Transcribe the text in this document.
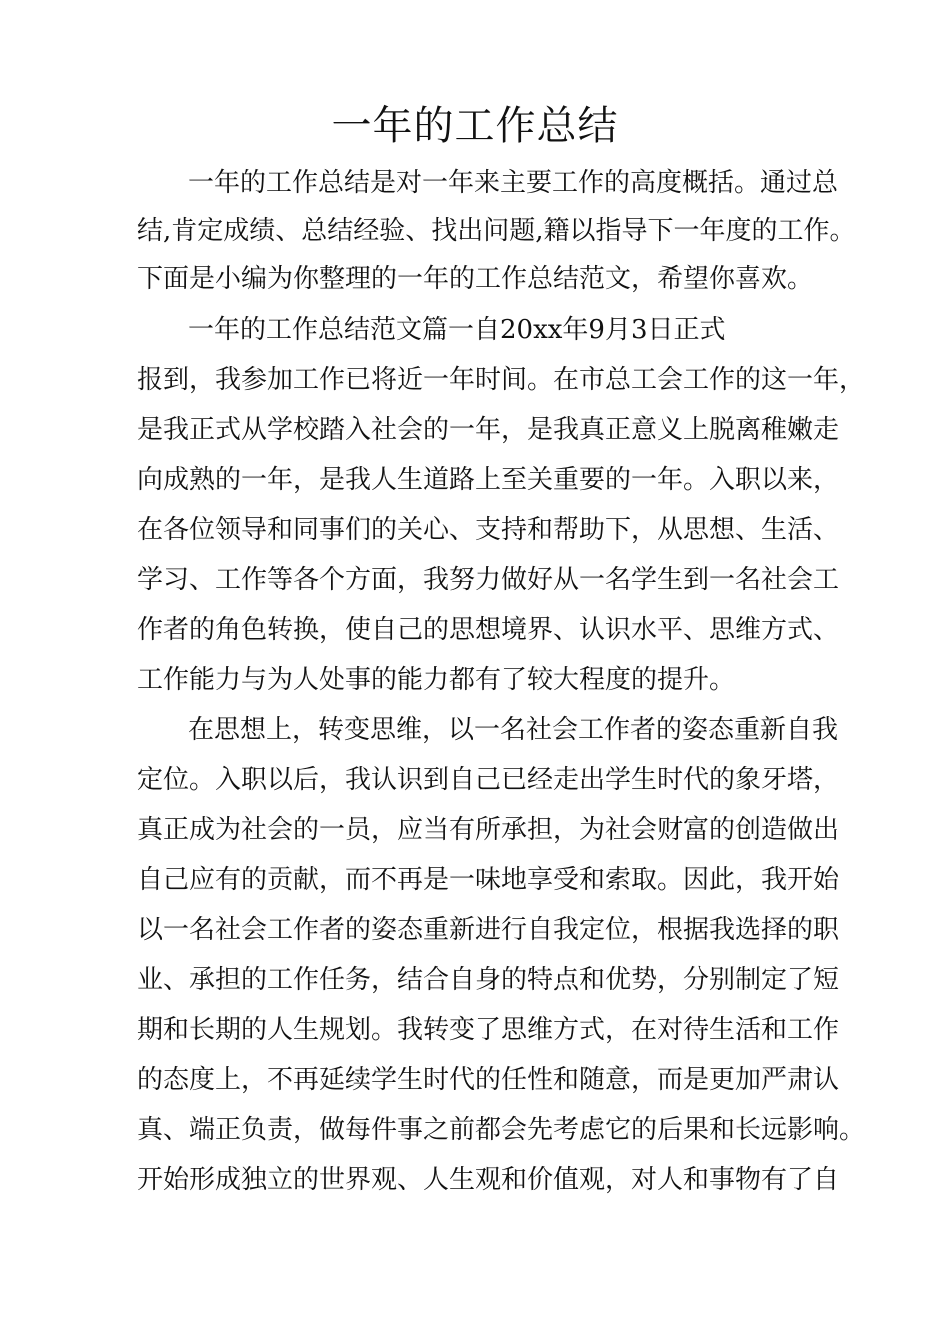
一年的工作总结
一年的工作总结是对一年来主要工作的高度概括。通过总
结,肯定成绩、总结经验、找出问题,籍以指导下一年度的工作。
下面是小编为你整理的一年的工作总结范文，希望你喜欢。
一年的工作总结范文篇一自20xx年9月3日正式
报到，我参加工作已将近一年时间。在市总工会工作的这一年，
是我正式从学校踏入社会的一年，是我真正意义上脱离稚嫩走
向成熟的一年，是我人生道路上至关重要的一年。入职以来，
在各位领导和同事们的关心、支持和帮助下，从思想、生活、
学习、工作等各个方面，我努力做好从一名学生到一名社会工
作者的角色转换，使自己的思想境界、认识水平、思维方式、
工作能力与为人处事的能力都有了较大程度的提升。
在思想上，转变思维，以一名社会工作者的姿态重新自我
定位。入职以后，我认识到自己已经走出学生时代的象牙塔，
真正成为社会的一员，应当有所承担，为社会财富的创造做出
自己应有的贡献，而不再是一味地享受和索取。因此，我开始
以一名社会工作者的姿态重新进行自我定位，根据我选择的职
业、承担的工作任务，结合自身的特点和优势，分别制定了短
期和长期的人生规划。我转变了思维方式，在对待生活和工作
的态度上，不再延续学生时代的任性和随意，而是更加严肃认
真、端正负责，做每件事之前都会先考虑它的后果和长远影响。
开始形成独立的世界观、人生观和价值观，对人和事物有了自
